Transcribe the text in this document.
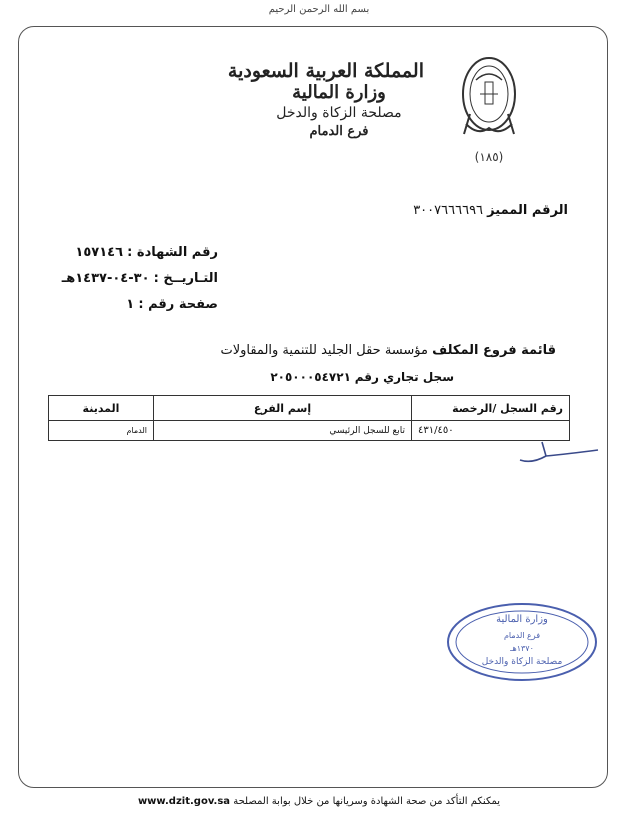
بسم الله الرحمن الرحيم
المملكة العربية السعودية
وزارة المالية
مصلحة الزكاة والدخل
فرع الدمام
(١٨٥)
الرقم المميز ٣٠٠٧٦٦٦٦٩٦
رقم الشهادة : ١٥٧١٤٦
التـاريــخ : ٣٠-٠٤-١٤٣٧هـ
صفحة رقم : ١
قائمة فروع المكلف مؤسسة حقل الجليد للتنمية والمقاولات
سجل تجاري رقم ٢٠٥٠٠٠٥٤٧٢١
رقم السجل /الرخصة	إسم الفرع	المدينة
٤٣١/٤٥٠	تابع للسجل الرئيسي	الدمام
وزارة المالية
فرع الدمام
١٣٧٠هـ
مصلحة الزكاة والدخل
يمكنكم التأكد من صحة الشهادة وسريانها من خلال بوابة المصلحة www.dzit.gov.sa
